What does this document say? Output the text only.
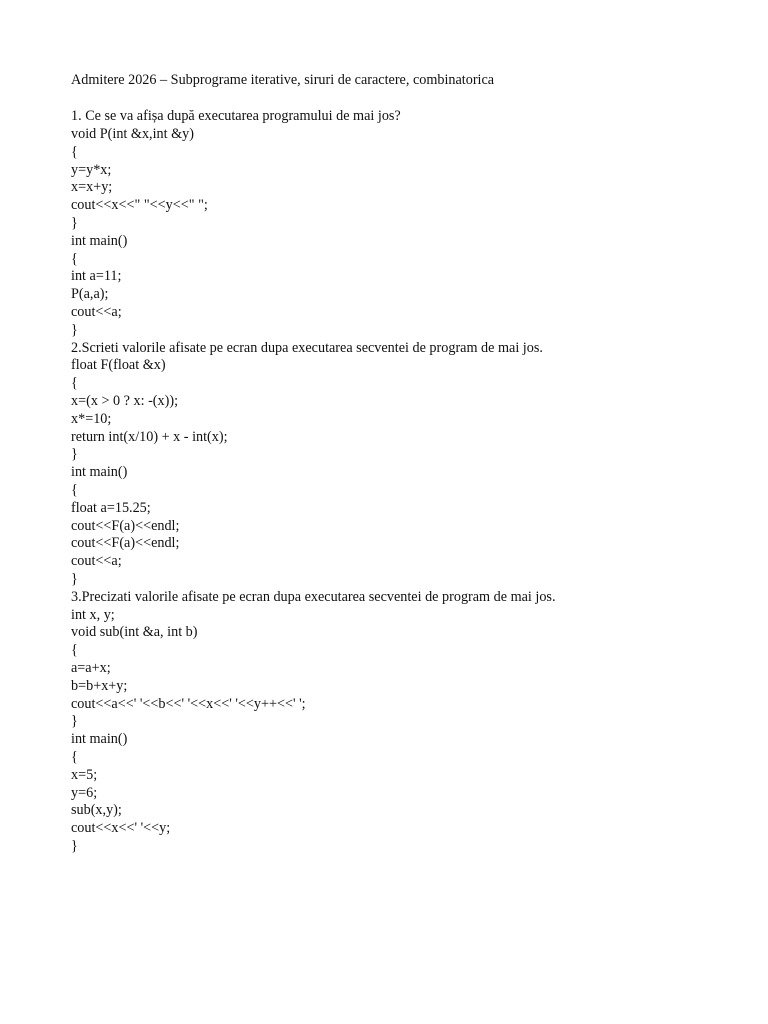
Admitere 2026 – Subprograme iterative, siruri de caractere, combinatorica
1. Ce se va afișa după executarea programului de mai jos?
void P(int &x,int &y)
{
y=y*x;
x=x+y;
cout<<x<<" "<<y<<" ";
}
int main()
{
int a=11;
P(a,a);
cout<<a;
}
2.Scrieti valorile afisate pe ecran dupa executarea secventei de program de mai jos.
float F(float &x)
{
x=(x > 0 ? x: -(x));
x*=10;
return int(x/10) + x - int(x);
}
int main()
{
float a=15.25;
cout<<F(a)<<endl;
cout<<F(a)<<endl;
cout<<a;
}
3.Precizati valorile afisate pe ecran dupa executarea secventei de program de mai jos.
int x, y;
void sub(int &a, int b)
{
a=a+x;
b=b+x+y;
cout<<a<<' '<<b<<' '<<x<<' '<<y++<<' ';
}
int main()
{
x=5;
y=6;
sub(x,y);
cout<<x<<' '<<y;
}
